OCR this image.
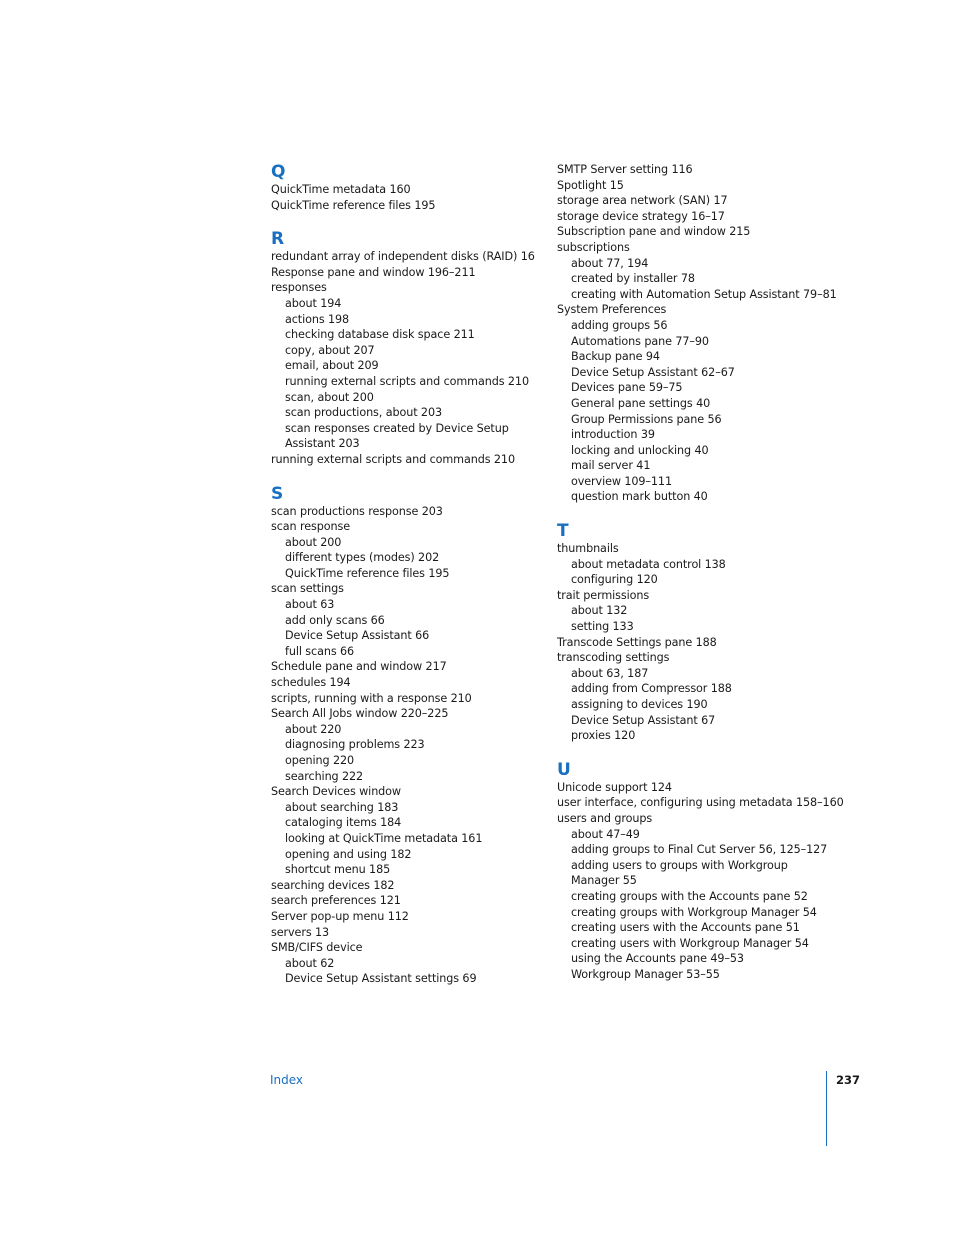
Q
QuickTime metadata 160
QuickTime reference files 195
R
redundant array of independent disks (RAID) 16
Response pane and window 196–211
responses
about 194
actions 198
checking database disk space 211
copy, about 207
email, about 209
running external scripts and commands 210
scan, about 200
scan productions, about 203
scan responses created by Device Setup
Assistant 203
running external scripts and commands 210
S
scan productions response 203
scan response
about 200
different types (modes) 202
QuickTime reference files 195
scan settings
about 63
add only scans 66
Device Setup Assistant 66
full scans 66
Schedule pane and window 217
schedules 194
scripts, running with a response 210
Search All Jobs window 220–225
about 220
diagnosing problems 223
opening 220
searching 222
Search Devices window
about searching 183
cataloging items 184
looking at QuickTime metadata 161
opening and using 182
shortcut menu 185
searching devices 182
search preferences 121
Server pop-up menu 112
servers 13
SMB/CIFS device
about 62
Device Setup Assistant settings 69
SMTP Server setting 116
Spotlight 15
storage area network (SAN) 17
storage device strategy 16–17
Subscription pane and window 215
subscriptions
about 77, 194
created by installer 78
creating with Automation Setup Assistant 79–81
System Preferences
adding groups 56
Automations pane 77–90
Backup pane 94
Device Setup Assistant 62–67
Devices pane 59–75
General pane settings 40
Group Permissions pane 56
introduction 39
locking and unlocking 40
mail server 41
overview 109–111
question mark button 40
T
thumbnails
about metadata control 138
configuring 120
trait permissions
about 132
setting 133
Transcode Settings pane 188
transcoding settings
about 63, 187
adding from Compressor 188
assigning to devices 190
Device Setup Assistant 67
proxies 120
U
Unicode support 124
user interface, configuring using metadata 158–160
users and groups
about 47–49
adding groups to Final Cut Server 56, 125–127
adding users to groups with Workgroup
Manager 55
creating groups with the Accounts pane 52
creating groups with Workgroup Manager 54
creating users with the Accounts pane 51
creating users with Workgroup Manager 54
using the Accounts pane 49–53
Workgroup Manager 53–55
Index	237
